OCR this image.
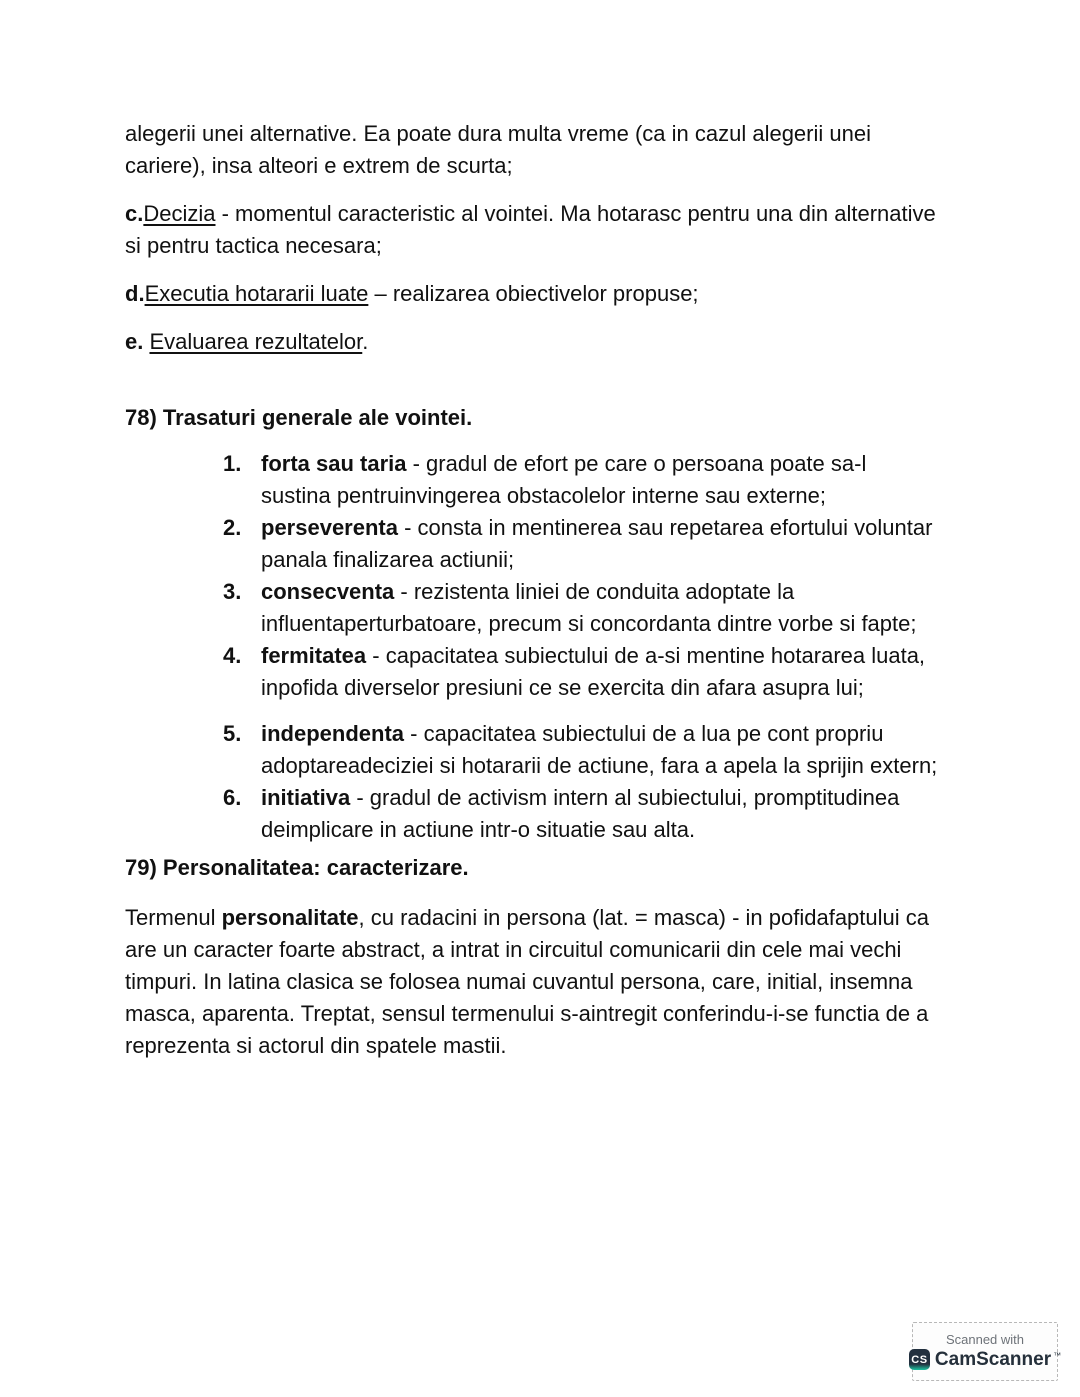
alegerii unei alternative. Ea poate dura multa vreme (ca in cazul alegerii unei cariere), insa alteori e extrem de scurta;

c.Decizia - momentul caracteristic al vointei. Ma hotarasc pentru una din alternative si pentru tactica necesara;

d.Executia hotararii luate – realizarea obiectivelor propuse;

e. Evaluarea rezultatelor.

78) Trasaturi generale ale vointei.

1. forta sau taria - gradul de efort pe care o persoana poate sa-l sustina pentruinvingerea obstacolelor interne sau externe;
2. perseverenta - consta in mentinerea sau repetarea efortului voluntar panala finalizarea actiunii;
3. consecventa - rezistenta liniei de conduita adoptate la influentaperturbatoare, precum si concordanta dintre vorbe si fapte;
4. fermitatea - capacitatea subiectului de a-si mentine hotararea luata, inpofida diverselor presiuni ce se exercita din afara asupra lui;
5. independenta - capacitatea subiectului de a lua pe cont propriu adoptareadeciziei si hotararii de actiune, fara a apela la sprijin extern;
6. initiativa - gradul de activism intern al subiectului, promptitudinea deimplicare in actiune intr-o situatie sau alta.

79) Personalitatea: caracterizare.

Termenul personalitate, cu radacini in persona (lat. = masca) - in pofidafaptului ca are un caracter foarte abstract, a intrat in circuitul comunicarii din cele mai vechi timpuri. In latina clasica se folosea numai cuvantul persona, care, initial, insemna masca, aparenta. Treptat, sensul termenului s-aintregit conferindu-i-se functia de a reprezenta si actorul din spatele mastii.

Scanned with
CS CamScanner ™
